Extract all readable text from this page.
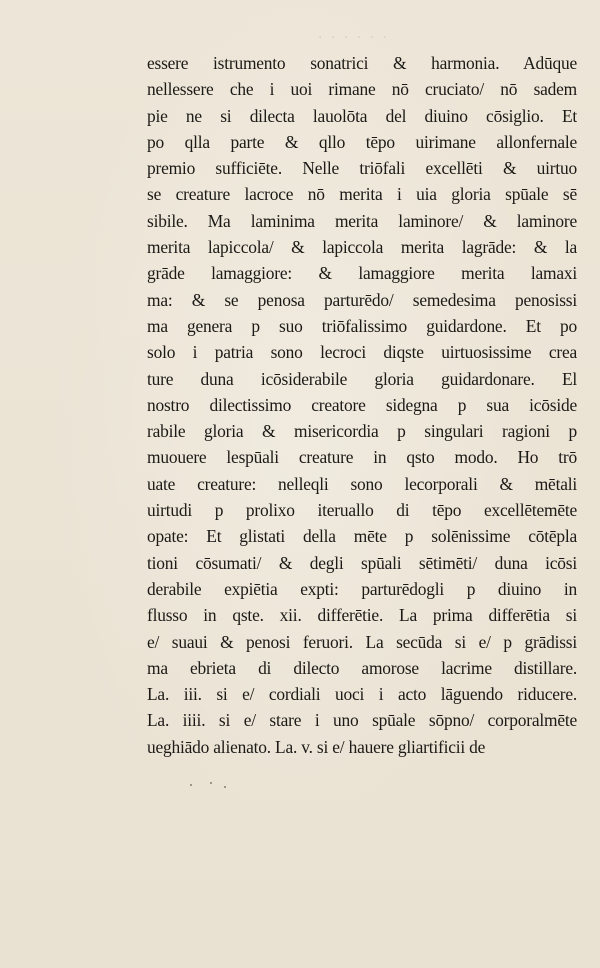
· · · · · ·
essere istrumento sonatrici & harmonia. Adūque
nellessere che i uoi rimane nō cruciato/ nō sadem
pie ne si dilecta lauolōta del diuino cōsiglio. Et
po qlla parte & qllo tēpo uirimane allonfernale
premio sufficiēte. Nelle triōfali excellēti & uirtuo
se creature lacroce nō merita i uia gloria spūale sē
sibile. Ma laminima merita laminore/ & laminore
merita lapiccola/ & lapiccola merita lagrāde: & la
grāde lamaggiore: & lamaggiore merita lamaxi
ma: & se penosa parturēdo/ semedesima penosissi
ma genera p suo triōfalissimo guidardone. Et po
solo i patria sono lecroci diqste uirtuosissime crea
ture duna icōsiderabile gloria guidardonare. El
nostro dilectissimo creatore sidegna p sua icōside
rabile gloria & misericordia p singulari ragioni p
muouere lespūali creature in qsto modo. Ho trō
uate creature: nelleqli sono lecorporali & mētali
uirtudi p prolixo iteruallo di tēpo excellētemēte
opate: Et glistati della mēte p solēnissime cōtēpla
tioni cōsumati/ & degli spūali sētimēti/ duna icōsi
derabile expiētia expti: parturēdogli p diuino in
flusso in qste. xii. differētie. La prima differētia si
e/ suaui & penosi feruori. La secūda si e/ p grādissi
ma ebrieta di dilecto amorose lacrime distillare.
La. iii. si e/ cordiali uoci i acto lāguendo riducere.
La. iiii. si e/ stare i uno spūale sōpno/ corporalmēte
ueghiādo alienato. La. v. si e/ hauere gliartificii de
